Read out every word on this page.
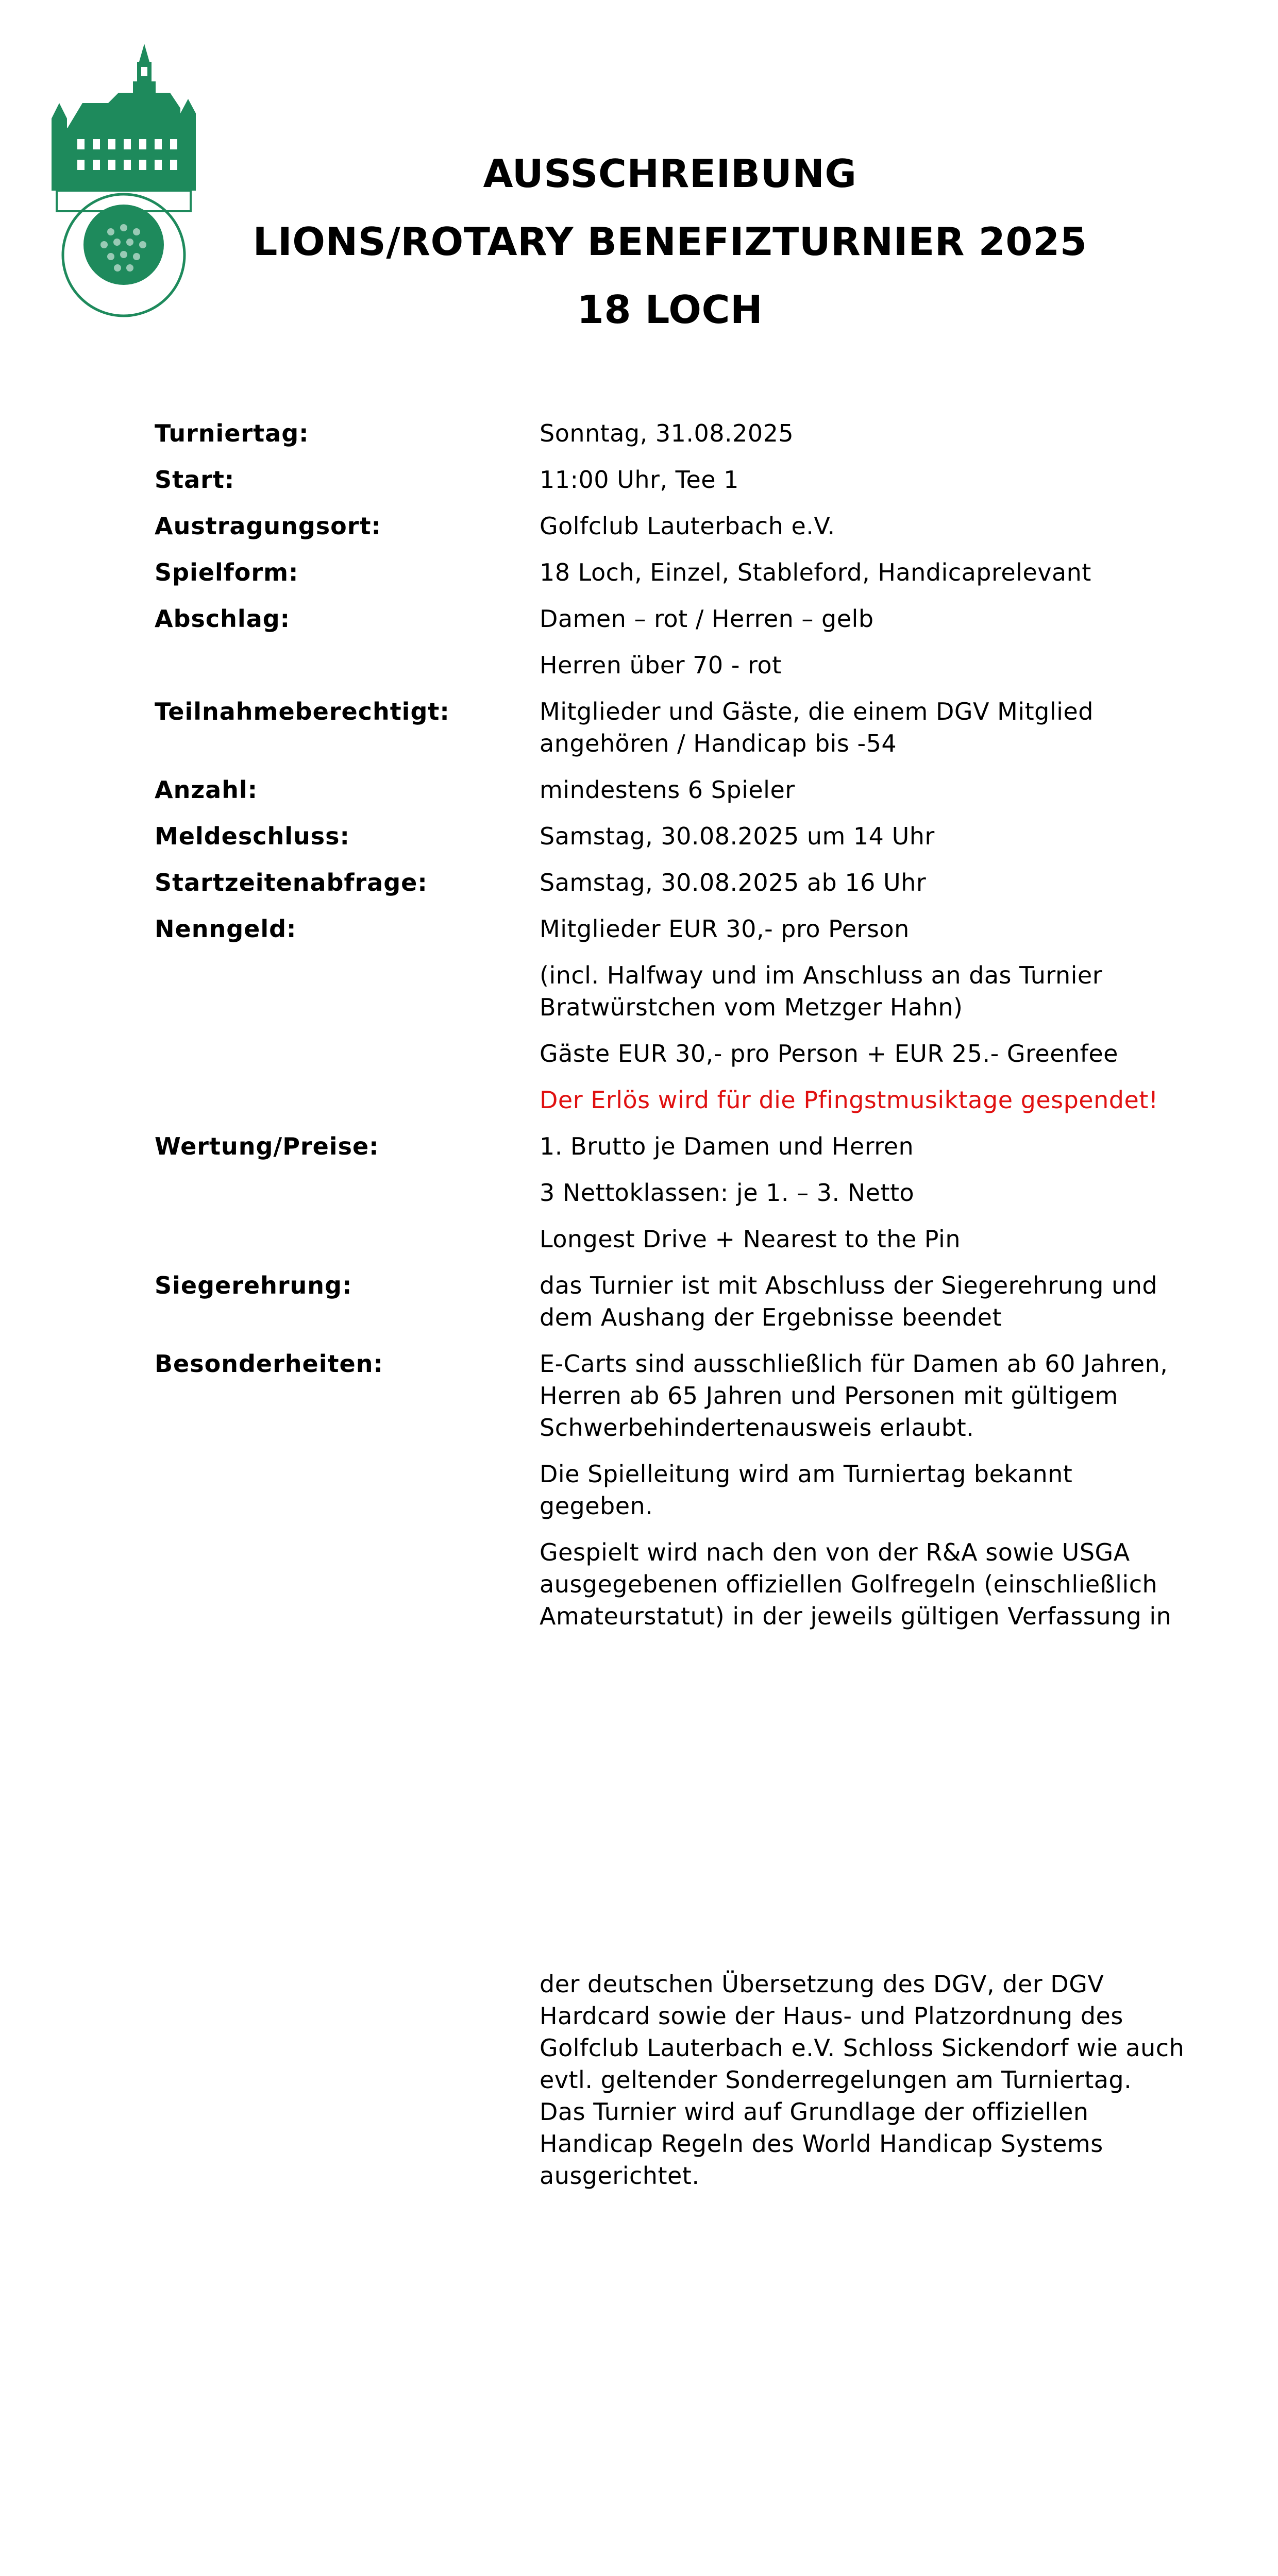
AUSSCHREIBUNG
LIONS/ROTARY BENEFIZTURNIER 2025
18 LOCH
Turniertag:	Sonntag, 31.08.2025

Start:	11:00 Uhr, Tee 1

Austragungsort:	Golfclub Lauterbach e.V.

Spielform:	18 Loch, Einzel, Stableford, Handicaprelevant

Abschlag:	Damen – rot / Herren – gelb

Herren über 70 - rot

Teilnahmeberechtigt:	Mitglieder und Gäste, die einem DGV Mitglied angehören / Handicap bis -54

Anzahl:	mindestens 6 Spieler

Meldeschluss:	Samstag, 30.08.2025 um 14 Uhr

Startzeitenabfrage:	Samstag, 30.08.2025 ab 16 Uhr

Nenngeld:	Mitglieder EUR 30,- pro Person

(incl. Halfway und im Anschluss an das Turnier Bratwürstchen vom Metzger Hahn)

Gäste EUR 30,- pro Person + EUR 25.- Greenfee

Der Erlös wird für die Pfingstmusiktage gespendet!

Wertung/Preise:	1. Brutto je Damen und Herren

3 Nettoklassen: je 1. – 3. Netto

Longest Drive + Nearest to the Pin

Siegerehrung:	das Turnier ist mit Abschluss der Siegerehrung und dem Aushang der Ergebnisse beendet

Besonderheiten:	E-Carts sind ausschließlich für Damen ab 60 Jahren, Herren ab 65 Jahren und Personen mit gültigem Schwerbehindertenausweis erlaubt.

Die Spielleitung wird am Turniertag bekannt gegeben.

Gespielt wird nach den von der R&A sowie USGA ausgegebenen offiziellen Golfregeln (einschließlich Amateurstatut) in der jeweils gültigen Verfassung in

der deutschen Übersetzung des DGV, der DGV Hardcard sowie der Haus- und Platzordnung des Golfclub Lauterbach e.V. Schloss Sickendorf wie auch evtl. geltender Sonderregelungen am Turniertag. Das Turnier wird auf Grundlage der offiziellen Handicap Regeln des World Handicap Systems ausgerichtet.
